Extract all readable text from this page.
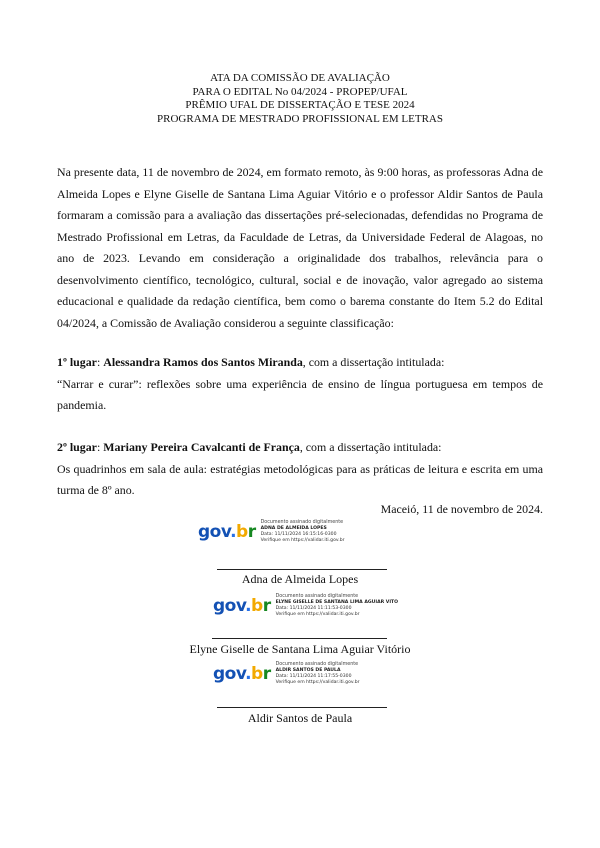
ATA DA COMISSÃO DE AVALIAÇÃO
PARA O EDITAL No 04/2024 - PROPEP/UFAL
PRÊMIO UFAL DE DISSERTAÇÃO E TESE 2024
PROGRAMA DE MESTRADO PROFISSIONAL EM LETRAS

Na presente data, 11 de novembro de 2024, em formato remoto, às 9:00 horas, as professoras Adna de Almeida Lopes e Elyne Giselle de Santana Lima Aguiar Vitório e o professor Aldir Santos de Paula formaram a comissão para a avaliação das dissertações pré-selecionadas, defendidas no Programa de Mestrado Profissional em Letras, da Faculdade de Letras, da Universidade Federal de Alagoas, no ano de 2023. Levando em consideração a originalidade dos trabalhos, relevância para o desenvolvimento científico, tecnológico, cultural, social e de inovação, valor agregado ao sistema educacional e qualidade da redação científica, bem como o barema constante do Item 5.2 do Edital 04/2024, a Comissão de Avaliação considerou a seguinte classificação:

1º lugar: Alessandra Ramos dos Santos Miranda, com a dissertação intitulada:

“Narrar e curar”: reflexões sobre uma experiência de ensino de língua portuguesa em tempos de pandemia.

2º lugar: Mariany Pereira Cavalcanti de França, com a dissertação intitulada:

Os quadrinhos em sala de aula: estratégias metodológicas para as práticas de leitura e escrita em uma turma de 8º ano.

Maceió, 11 de novembro de 2024.
gov.br Documento assinado digitalmente
ADNA DE ALMEIDA LOPES
Data: 11/11/2024 16:15:16-0300
Verifique em https://validar.iti.gov.br
Adna de Almeida Lopes
gov.br Documento assinado digitalmente
ELYNE GISELLE DE SANTANA LIMA AGUIAR VITO
Data: 11/11/2024 11:11:53-0300
Verifique em https://validar.iti.gov.br
Elyne Giselle de Santana Lima Aguiar Vitório
gov.br Documento assinado digitalmente
ALDIR SANTOS DE PAULA
Data: 11/11/2024 11:17:55-0300
Verifique em https://validar.iti.gov.br
Aldir Santos de Paula
